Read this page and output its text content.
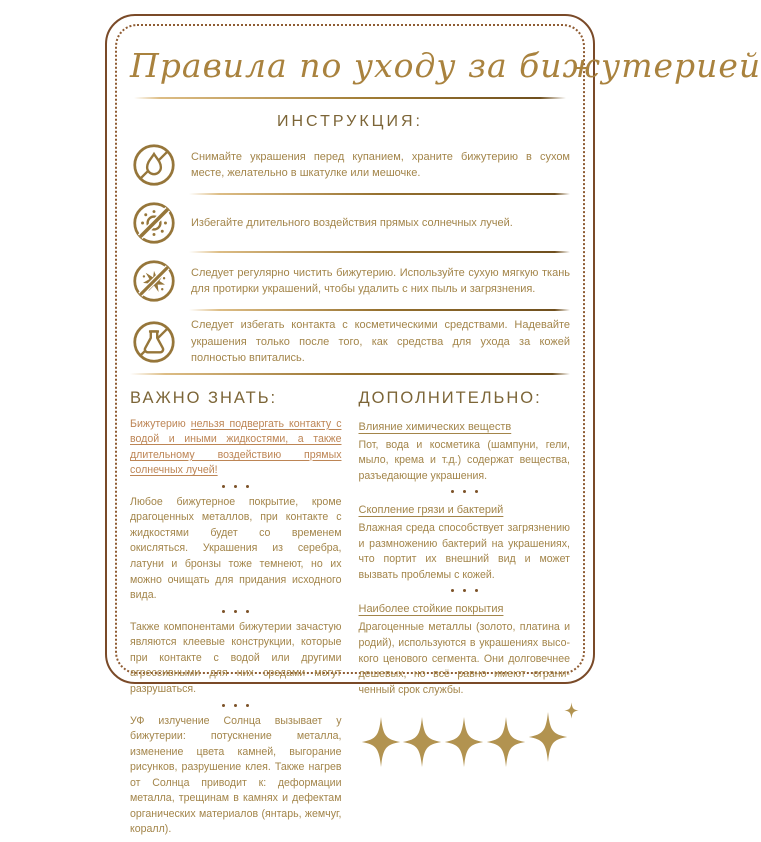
Правила по уходу за бижутерией
ИНСТРУКЦИЯ:

Снимайте украшения перед купанием, храните бижутерию в сухом месте, желательно в шкатулке или мешочке.

Избегайте длительного воздействия прямых солнечных лучей.

Следует регулярно чистить бижутерию. Используйте сухую мягкую ткань для протирки украшений, чтобы удалить с них пыль и загрязнения.

Следует избегать контакта с косметическими средствами. Надевайте украшения только после того, как средства для ухода за кожей полностью впитались.

ВАЖНО ЗНАТЬ:

Бижутерию нельзя подвергать контакту с водой и иными жидкостями, а также длительному воздействию прямых солнечных лучей!

Любое бижутерное покрытие, кроме драгоценных металлов, при контакте с жидкостями будет со временем окисляться. Украшения из серебра, латуни и бронзы тоже темнеют, но их можно очищать для придания исходного вида.

Также компонентами бижутерии зачастую являются клеевые конструкции, которые при контакте с водой или другими агрессивными для них средами могут разрушаться.

УФ излучение Солнца вызывает у бижутерии: потускнение металла, изменение цвета камней, выгорание рисунков, разрушение клея. Также нагрев от Солнца приводит к: деформации металла, трещинам в камнях и дефектам органических материалов (янтарь, жемчуг, коралл).

ДОПОЛНИТЕЛЬНО:
Влияние химических веществ

Пот, вода и косметика (шампуни, гели, мыло, крема и т.д.) содержат вещества, разъедающие украшения.

Скопление грязи и бактерий

Влажная среда способствует загрязнению и размножению бактерий на украшениях, что портит их внешний вид и может вызвать проблемы с кожей.

Наиболее стойкие покрытия

Драгоценные металлы (золото, платина и родий), используются в украшениях высокого ценового сегмента. Они долговечнее дешевых, но всё равно имеют ограниченный срок службы.
